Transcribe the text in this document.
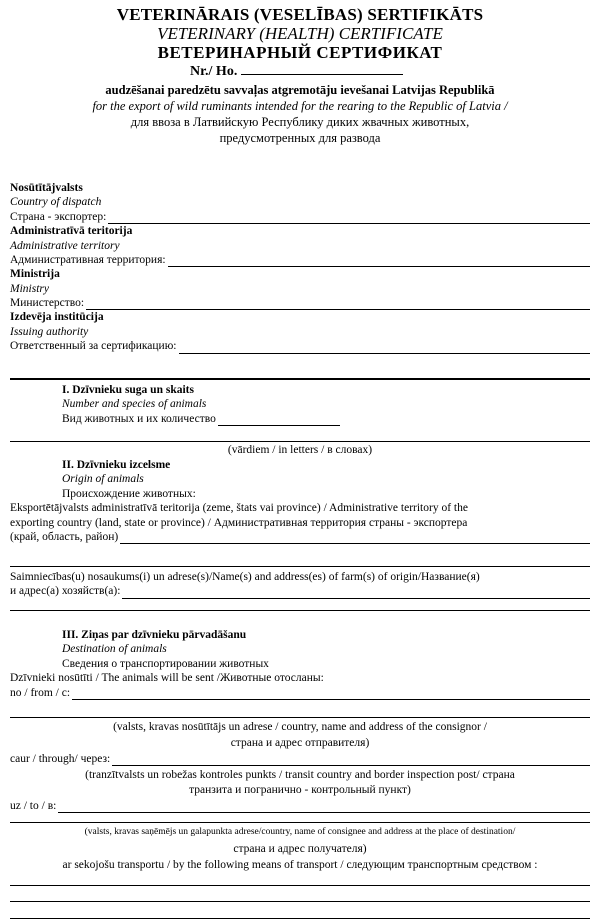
VETERINĀRAIS (VESELĪBAS) SERTIFIKĀTS
VETERINARY (HEALTH) CERTIFICATE
ВЕТЕРИНАРНЫЙ СЕРТИФИКАТ
Nr./ Но.
audzēšanai paredzētu savvaļas atgremotāju ievešanai Latvijas Republikā
for the export of wild ruminants intended for the rearing to the Republic of Latvia /
для ввоза в Латвийскую Республику диких жвачных животных,
предусмотренных для развода

Nosūtītājvalsts

Country of dispatch

Страна - экспортер:

Administratīvā teritorija

Administrative territory

Административная территория:

Ministrija

Ministry

Министерство:

Izdevēja institūcija

Issuing authority

Ответственный за сертификацию:

I. Dzīvnieku suga un skaits

Number and species of animals

Вид животных и их количество
(vārdiem / in letters / в словах)

II. Dzīvnieku izcelsme

Origin of animals

Происхождение животных:

Eksportētājvalsts administratīvā teritorija (zeme, štats vai province) / Administrative territory of the

exporting country (land, state or province) / Административная территория страны - экспортера

(край, область, район)

Saimniecības(u) nosaukums(i) un adrese(s)/Name(s) and address(es) of farm(s) of origin/Название(я)

и адрес(а) хозяйств(а):

III. Ziņas par dzīvnieku pārvadāšanu

Destination of animals

Сведения о транспортировании животных

Dzīvnieki nosūtīti / The animals will be sent /Животные отосланы:

no / from / с:
(valsts, kravas nosūtītājs un adrese / country, name and address of the consignor /
страна и адрес отправителя)
caur / through/ через:
(tranzītvalsts un robežas kontroles punkts / transit country and border inspection post/ страна
транзита и пограничнo - контрольный пункт)
uz / to / в:
(valsts, kravas saņēmējs un galapunkta adrese/country, name of consignee and address at the place of destination/
страна и адрес получателя)
ar sekojošu transportu / by the following means of transport / следующим транспортным средством :
